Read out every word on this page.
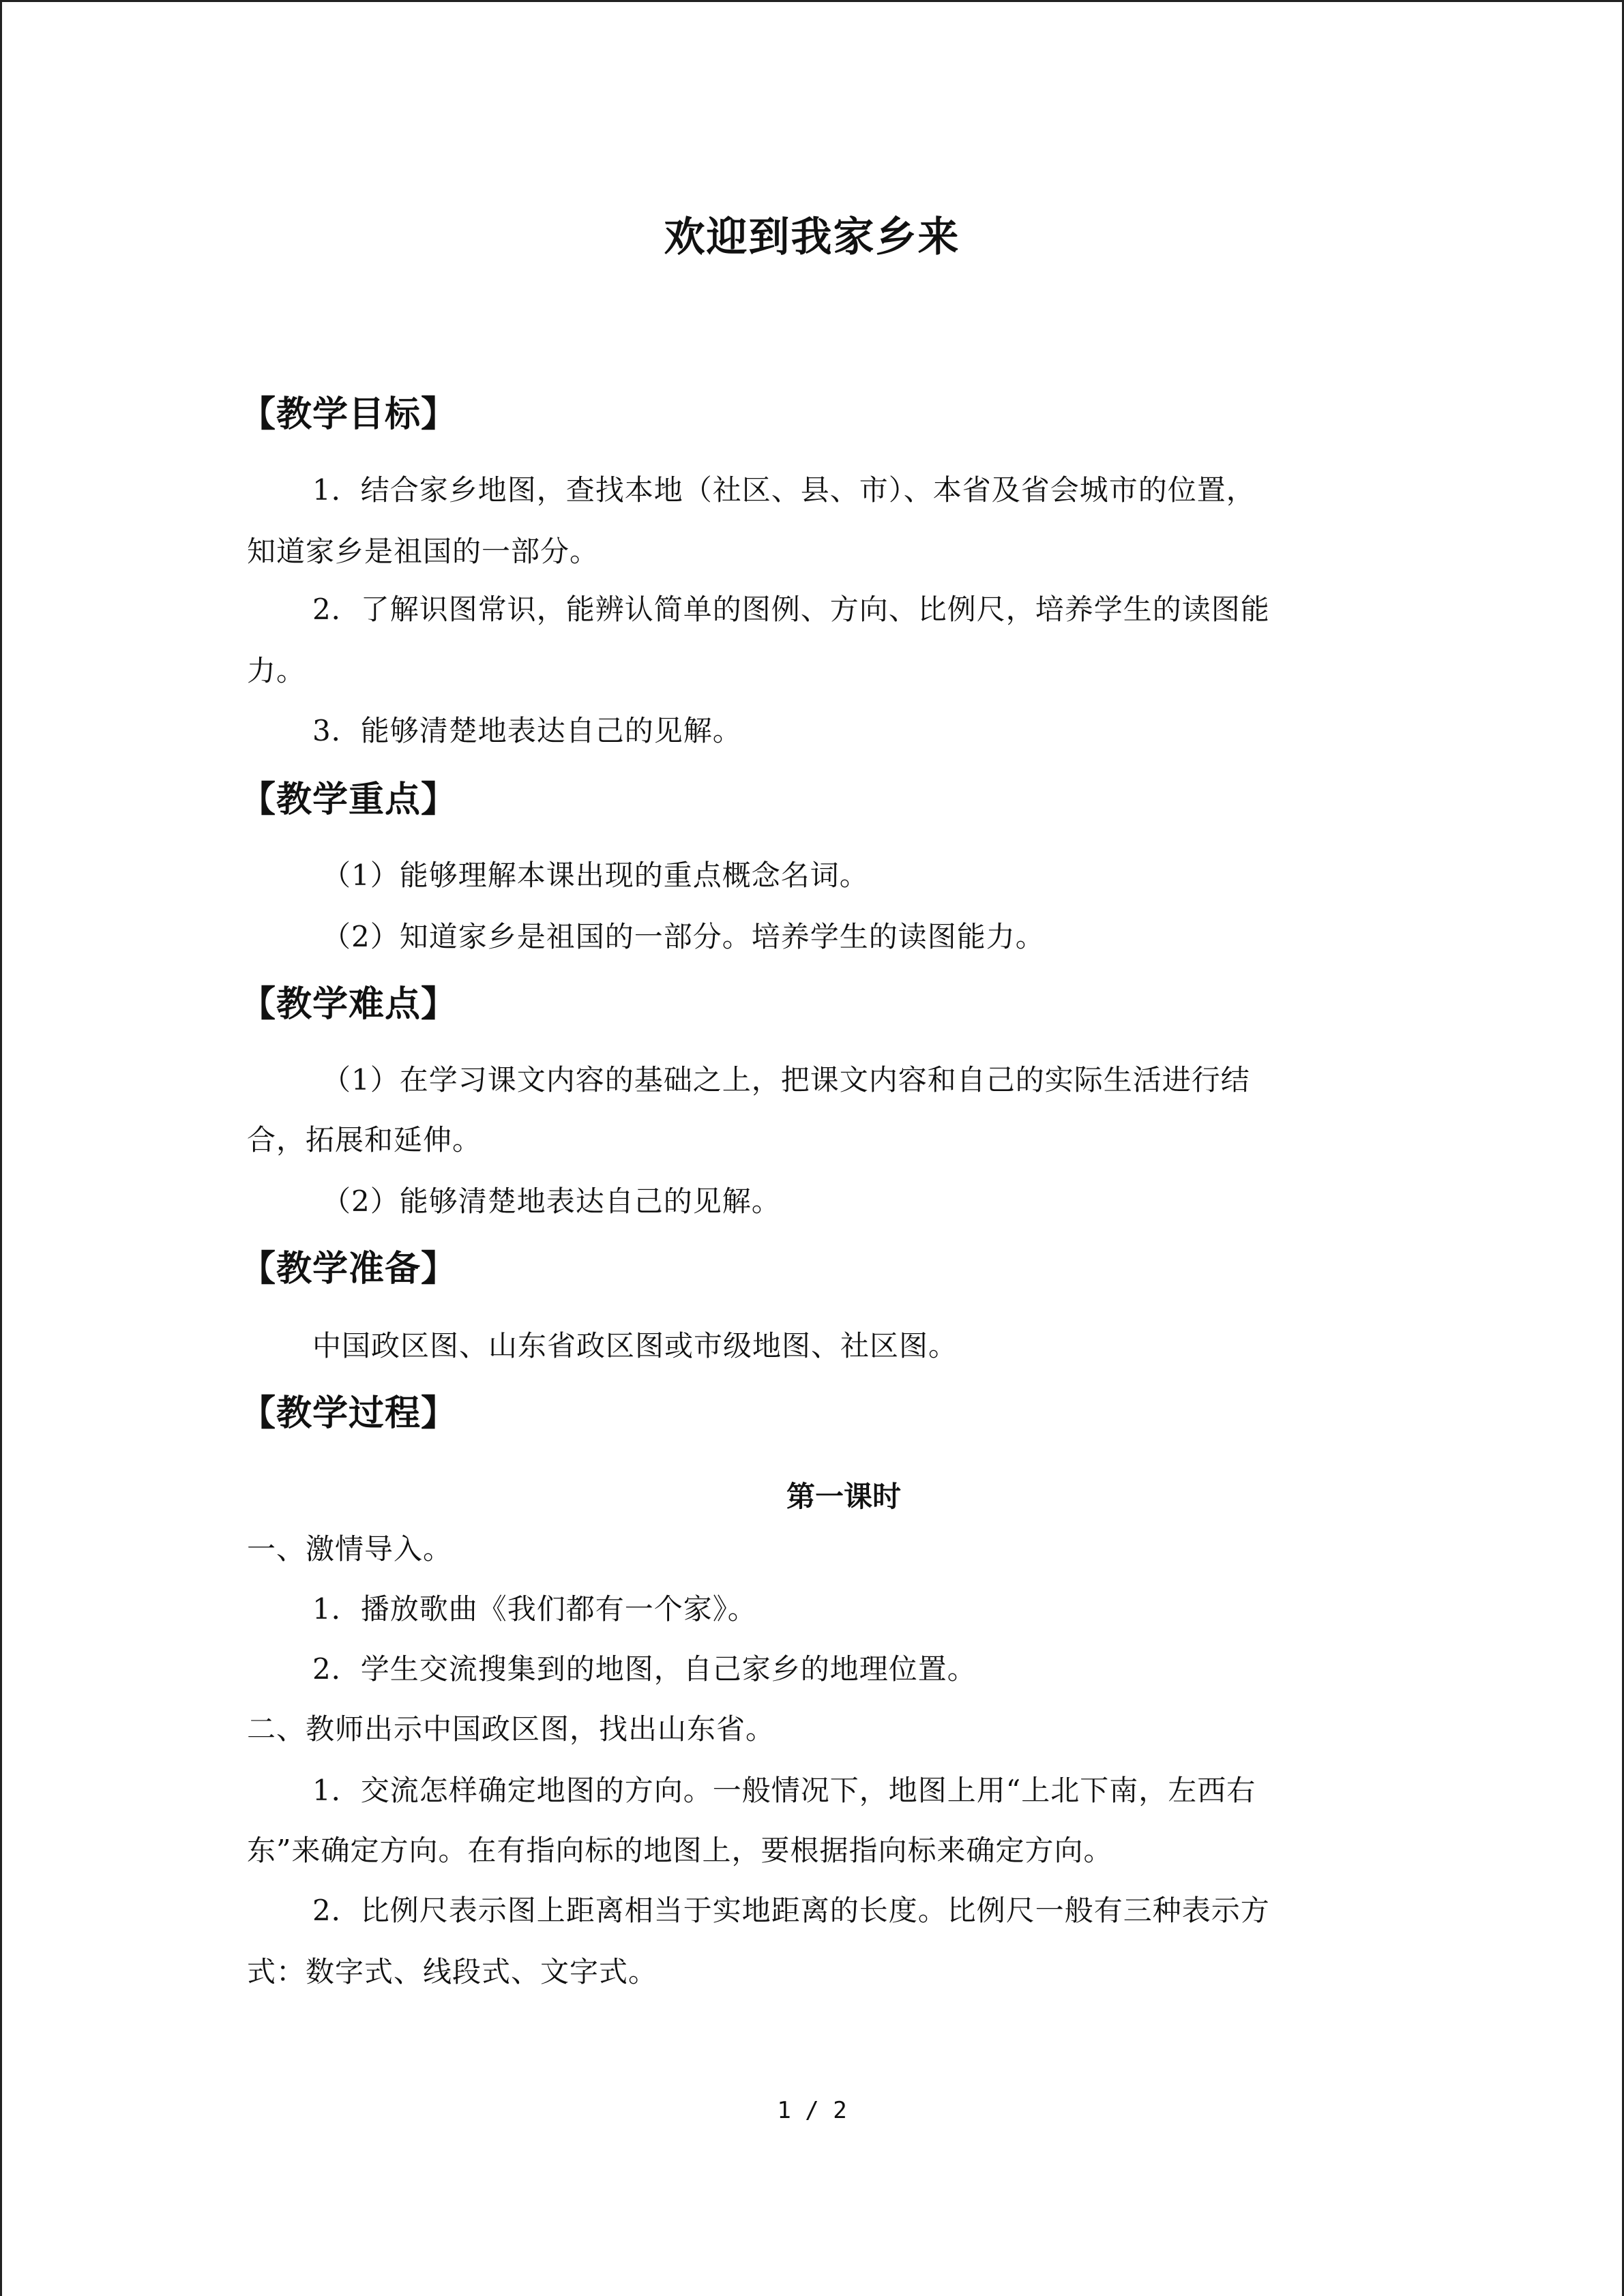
欢迎到我家乡来
【教学目标】
1．结合家乡地图，查找本地（社区、县、市）、本省及省会城市的位置，
知道家乡是祖国的一部分。
2．了解识图常识，能辨认简单的图例、方向、比例尺，培养学生的读图能
力。
3．能够清楚地表达自己的见解。
【教学重点】
（1）能够理解本课出现的重点概念名词。
（2）知道家乡是祖国的一部分。培养学生的读图能力。
【教学难点】
（1）在学习课文内容的基础之上，把课文内容和自己的实际生活进行结
合，拓展和延伸。
（2）能够清楚地表达自己的见解。
【教学准备】
中国政区图、山东省政区图或市级地图、社区图。
【教学过程】
第一课时
一、激情导入。
1．播放歌曲《我们都有一个家》。
2．学生交流搜集到的地图，自己家乡的地理位置。
二、教师出示中国政区图，找出山东省。
1．交流怎样确定地图的方向。一般情况下，地图上用“上北下南，左西右
东”来确定方向。在有指向标的地图上，要根据指向标来确定方向。
2．比例尺表示图上距离相当于实地距离的长度。比例尺一般有三种表示方
式：数字式、线段式、文字式。
1 / 2
